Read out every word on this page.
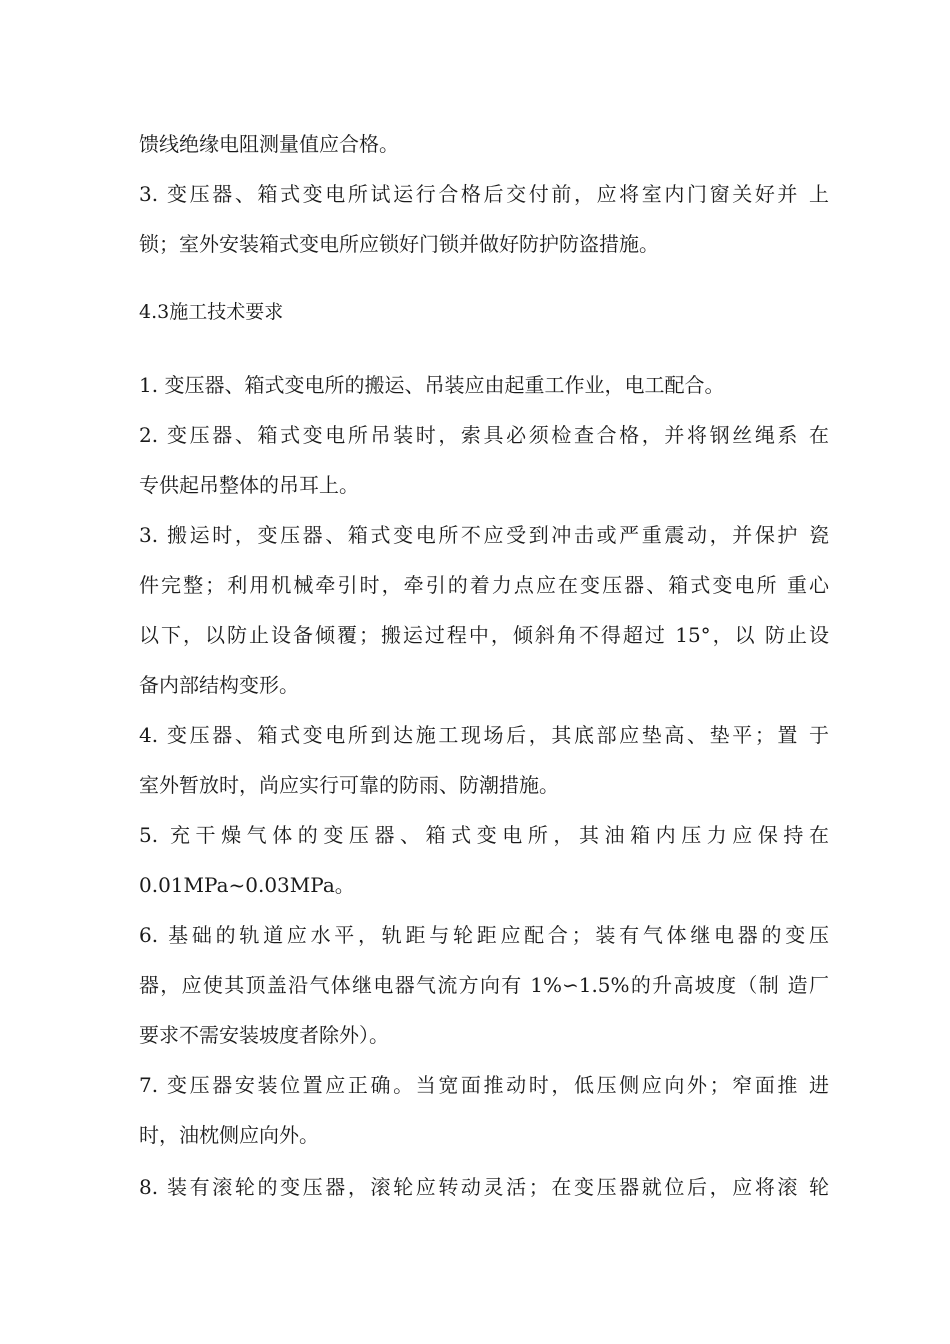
馈线绝缘电阻测量值应合格。
3. 变压器、箱式变电所试运行合格后交付前，应将室内门窗关好并 上
锁；室外安装箱式变电所应锁好门锁并做好防护防盗措施。
4.3施工技术要求
1. 变压器、箱式变电所的搬运、吊装应由起重工作业，电工配合。
2. 变压器、箱式变电所吊装时，索具必须检查合格，并将钢丝绳系 在
专供起吊整体的吊耳上。
3. 搬运时，变压器、箱式变电所不应受到冲击或严重震动，并保护 瓷
件完整；利用机械牵引时，牵引的着力点应在变压器、箱式变电所 重心
以下，以防止设备倾覆；搬运过程中，倾斜角不得超过 15°，以 防止设
备内部结构变形。
4. 变压器、箱式变电所到达施工现场后，其底部应垫高、垫平；置 于
室外暂放时，尚应实行可靠的防雨、防潮措施。
5. 充干燥气体的变压器、箱式变电所，其油箱内压力应保持在
0.01MPa~0.03MPa。
6. 基础的轨道应水平，轨距与轮距应配合；装有气体继电器的变压
器，应使其顶盖沿气体继电器气流方向有 1%∽1.5%的升高坡度（制 造厂
要求不需安装坡度者除外）。
7. 变压器安装位置应正确。当宽面推动时，低压侧应向外；窄面推 进
时，油枕侧应向外。
8. 装有滚轮的变压器，滚轮应转动灵活；在变压器就位后，应将滚 轮
